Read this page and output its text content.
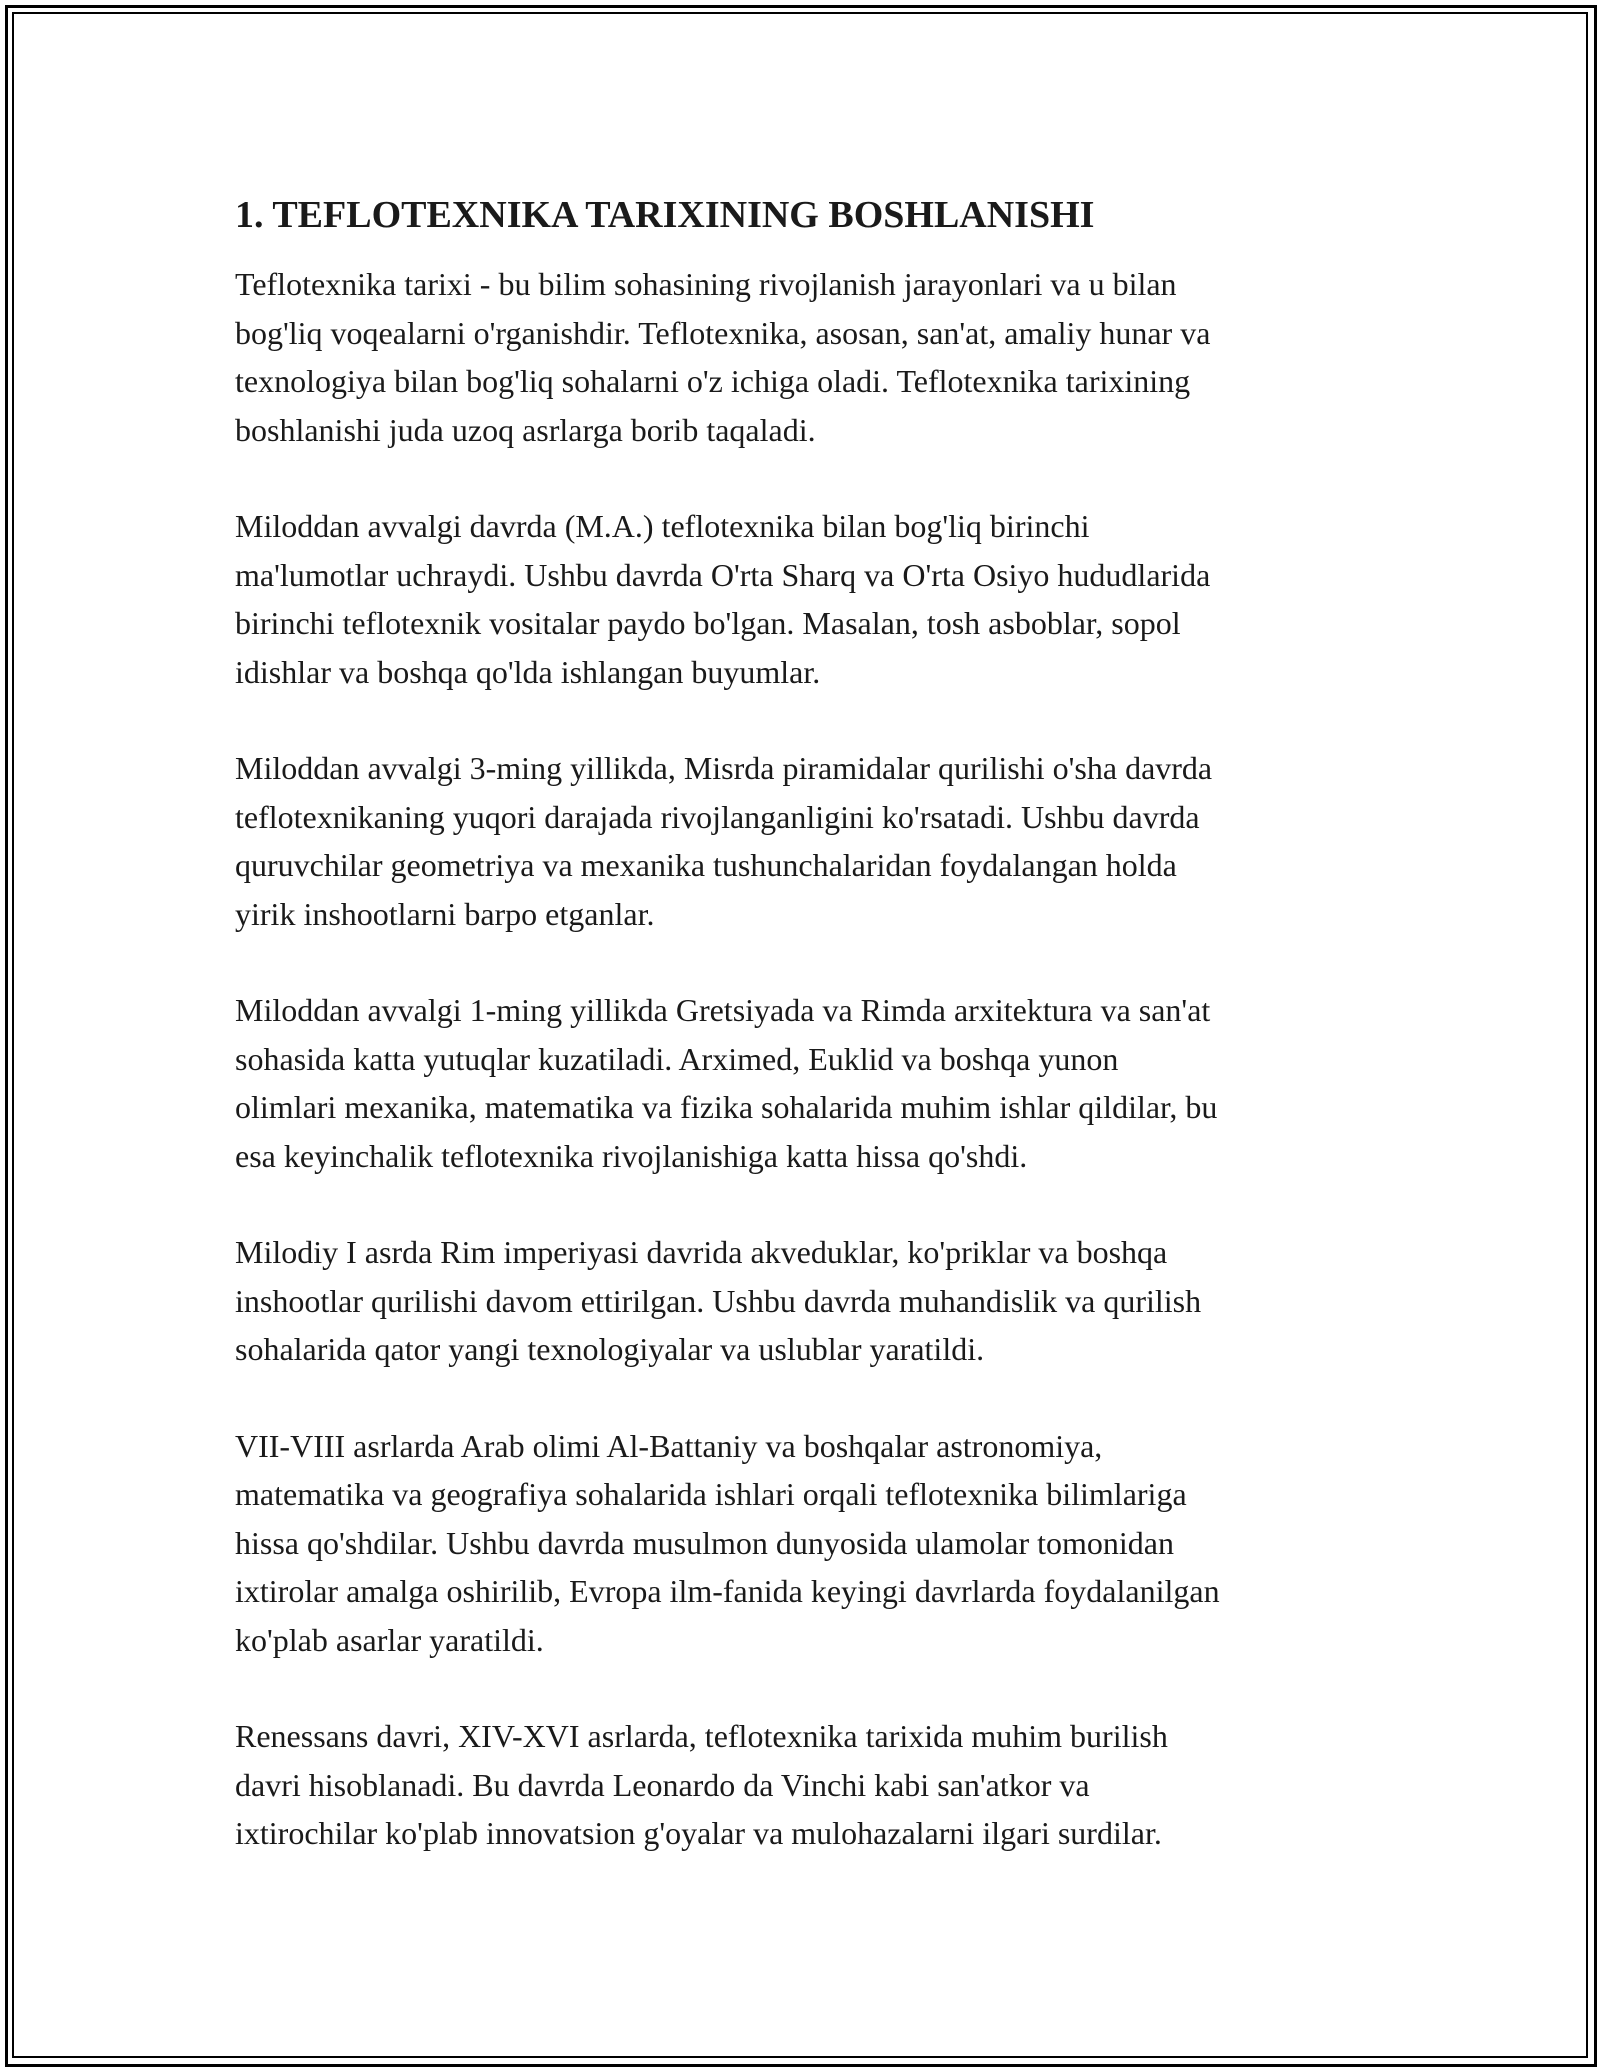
1. TEFLOTEXNIKA TARIXINING BOSHLANISHI

Teflotexnika tarixi - bu bilim sohasining rivojlanish jarayonlari va u bilan
bog'liq voqealarni o'rganishdir. Teflotexnika, asosan, san'at, amaliy hunar va
texnologiya bilan bog'liq sohalarni o'z ichiga oladi. Teflotexnika tarixining
boshlanishi juda uzoq asrlarga borib taqaladi.

Miloddan avvalgi davrda (M.A.) teflotexnika bilan bog'liq birinchi
ma'lumotlar uchraydi. Ushbu davrda O'rta Sharq va O'rta Osiyo hududlarida
birinchi teflotexnik vositalar paydo bo'lgan. Masalan, tosh asboblar, sopol
idishlar va boshqa qo'lda ishlangan buyumlar.

Miloddan avvalgi 3-ming yillikda, Misrda piramidalar qurilishi o'sha davrda
teflotexnikaning yuqori darajada rivojlanganligini ko'rsatadi. Ushbu davrda
quruvchilar geometriya va mexanika tushunchalaridan foydalangan holda
yirik inshootlarni barpo etganlar.

Miloddan avvalgi 1-ming yillikda Gretsiyada va Rimda arxitektura va san'at
sohasida katta yutuqlar kuzatiladi. Arximed, Euklid va boshqa yunon
olimlari mexanika, matematika va fizika sohalarida muhim ishlar qildilar, bu
esa keyinchalik teflotexnika rivojlanishiga katta hissa qo'shdi.

Milodiy I asrda Rim imperiyasi davrida akveduklar, ko'priklar va boshqa
inshootlar qurilishi davom ettirilgan. Ushbu davrda muhandislik va qurilish
sohalarida qator yangi texnologiyalar va uslublar yaratildi.

VII-VIII asrlarda Arab olimi Al-Battaniy va boshqalar astronomiya,
matematika va geografiya sohalarida ishlari orqali teflotexnika bilimlariga
hissa qo'shdilar. Ushbu davrda musulmon dunyosida ulamolar tomonidan
ixtirolar amalga oshirilib, Evropa ilm-fanida keyingi davrlarda foydalanilgan
ko'plab asarlar yaratildi.

Renessans davri, XIV-XVI asrlarda, teflotexnika tarixida muhim burilish
davri hisoblanadi. Bu davrda Leonardo da Vinchi kabi san'atkor va
ixtirochilar ko'plab innovatsion g'oyalar va mulohazalarni ilgari surdilar.
